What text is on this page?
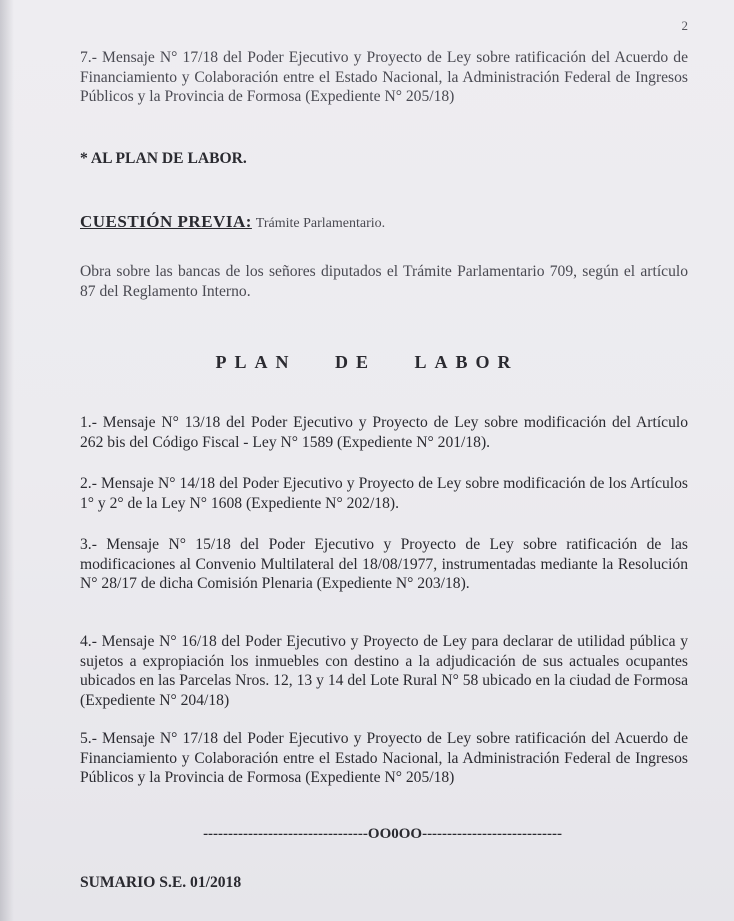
2
7.- Mensaje N° 17/18 del Poder Ejecutivo y Proyecto de Ley sobre ratificación del Acuerdo de Financiamiento y Colaboración entre el Estado Nacional, la Administración Federal de Ingresos Públicos y la Provincia de Formosa (Expediente N° 205/18)
* AL PLAN DE LABOR.
CUESTIÓN PREVIA: Trámite Parlamentario.
Obra sobre las bancas de los señores diputados el Trámite Parlamentario 709, según el artículo 87 del Reglamento Interno.
PLAN DE LABOR
1.- Mensaje N° 13/18 del Poder Ejecutivo y Proyecto de Ley sobre modificación del Artículo 262 bis del Código Fiscal - Ley N° 1589 (Expediente N° 201/18).
2.- Mensaje N° 14/18 del Poder Ejecutivo y Proyecto de Ley sobre modificación de los Artículos 1° y 2° de la Ley N° 1608 (Expediente N° 202/18).
3.- Mensaje N° 15/18 del Poder Ejecutivo y Proyecto de Ley sobre ratificación de las modificaciones al Convenio Multilateral del 18/08/1977, instrumentadas mediante la Resolución N° 28/17 de dicha Comisión Plenaria (Expediente N° 203/18).
4.- Mensaje N° 16/18 del Poder Ejecutivo y Proyecto de Ley para declarar de utilidad pública y sujetos a expropiación los inmuebles con destino a la adjudicación de sus actuales ocupantes ubicados en las Parcelas Nros. 12, 13 y 14 del Lote Rural N° 58 ubicado en la ciudad de Formosa (Expediente N° 204/18)
5.- Mensaje N° 17/18 del Poder Ejecutivo y Proyecto de Ley sobre ratificación del Acuerdo de Financiamiento y Colaboración entre el Estado Nacional, la Administración Federal de Ingresos Públicos y la Provincia de Formosa (Expediente N° 205/18)
---------------------------------OO0OO----------------------------
SUMARIO S.E. 01/2018
